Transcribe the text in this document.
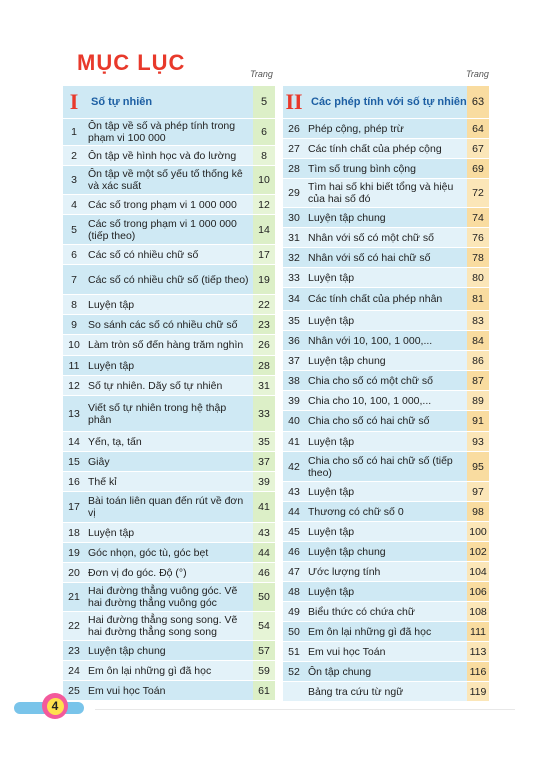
MỤC LỤC	Trang	Trang
I	Số tự nhiên	5
1	Ôn tập về số và phép tính trong phạm vi 100 000	6
2	Ôn tập về hình học và đo lường	8
3	Ôn tập về một số yếu tố thống kê và xác suất	10
4	Các số trong phạm vi 1 000 000	12
5	Các số trong phạm vi 1 000 000 (tiếp theo)	14
6	Các số có nhiều chữ số	17
7	Các số có nhiều chữ số (tiếp theo) 19
8	Luyện tập	22
9	So sánh các số có nhiều chữ số	23
10 Làm tròn số đến hàng trăm nghìn	26
11 Luyện tập	28
12 Số tự nhiên. Dãy số tự nhiên	31
13 Viết số tự nhiên trong hệ thập phân	33
14 Yến, tạ, tấn	35
15 Giây	37
16 Thế kỉ	39
17 Bài toán liên quan đến rút về đơn vị	41
18 Luyện tập	43
19 Góc nhọn, góc tù, góc bẹt	44
20 Đơn vị đo góc. Độ (°)	46
21 Hai đường thẳng vuông góc. Vẽ hai đường thẳng vuông góc	50
22 Hai đường thẳng song song. Vẽ hai đường thẳng song song	54
23 Luyện tập chung	57
24 Em ôn lại những gì đã học	59
25 Em vui học Toán	61
II Các phép tính với số tự nhiên 63
26 Phép cộng, phép trừ	64
27 Các tính chất của phép cộng	67
28 Tìm số trung bình cộng	69
29 Tìm hai số khi biết tổng và hiệu của hai số đó	72
30 Luyện tập chung	74
31 Nhân với số có một chữ số	76
32 Nhân với số có hai chữ số	78
33 Luyện tập	80
34 Các tính chất của phép nhân	81
35 Luyện tập	83
36 Nhân với 10, 100, 1 000,...	84
37 Luyện tập chung	86
38 Chia cho số có một chữ số	87
39 Chia cho 10, 100, 1 000,...	89
40 Chia cho số có hai chữ số	91
41 Luyện tập	93
42 Chia cho số có hai chữ số (tiếp theo)	95
43 Luyện tập	97
44 Thương có chữ số 0	98
45 Luyện tập	100
46 Luyện tập chung	102
47 Ước lượng tính	104
48 Luyện tập	106
49 Biểu thức có chứa chữ	108
50 Em ôn lại những gì đã học	111
51 Em vui học Toán	113
52 Ôn tập chung	116
Bảng tra cứu từ ngữ	119
4
